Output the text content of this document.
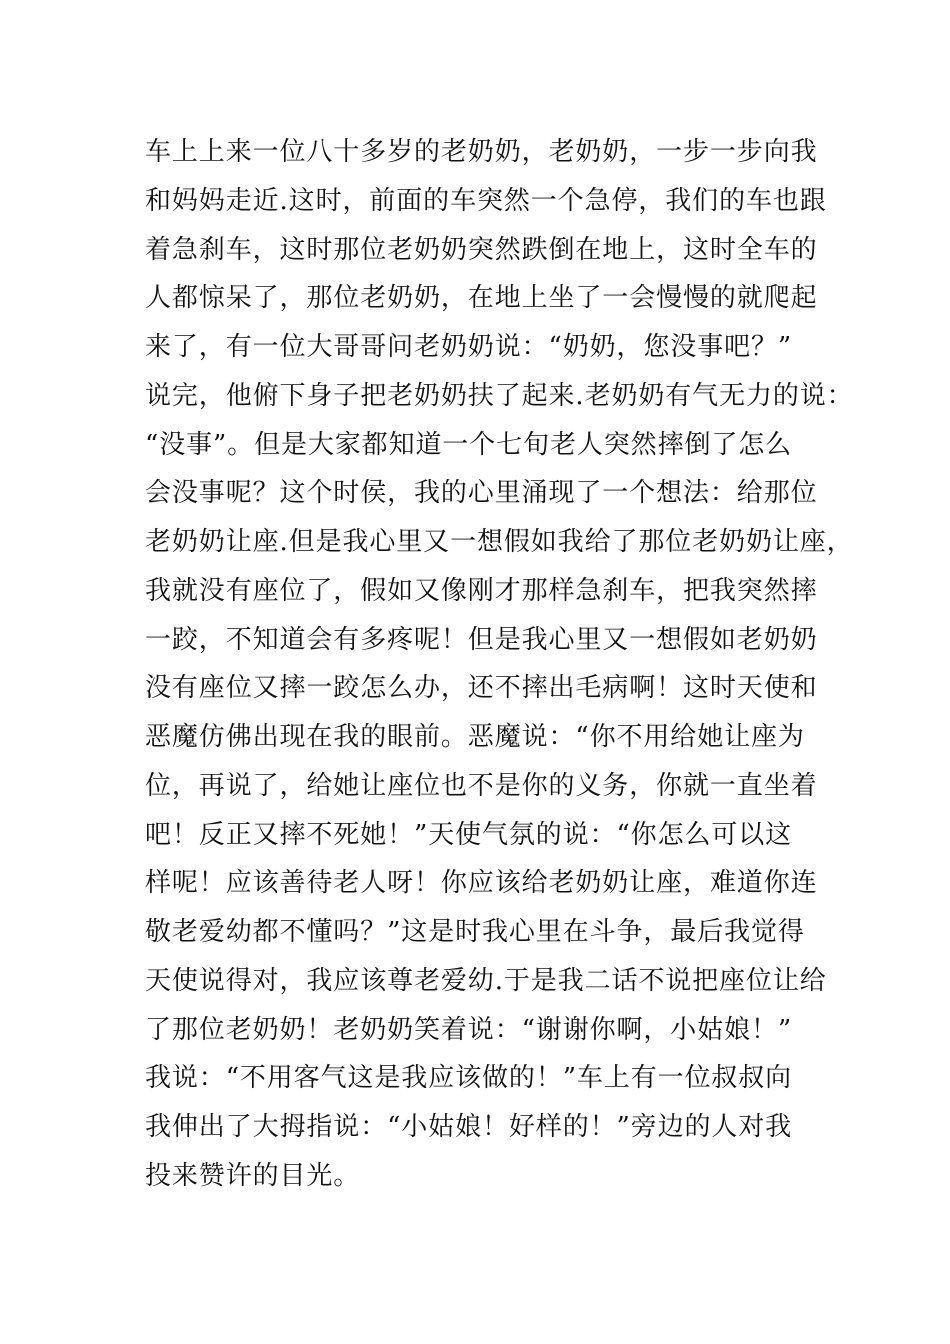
车上上来一位八十多岁的老奶奶，老奶奶，一步一步向我
和妈妈走近.这时，前面的车突然一个急停，我们的车也跟
着急刹车，这时那位老奶奶突然跌倒在地上，这时全车的
人都惊呆了，那位老奶奶，在地上坐了一会慢慢的就爬起
来了，有一位大哥哥问老奶奶说：“奶奶，您没事吧？”
说完，他俯下身子把老奶奶扶了起来.老奶奶有气无力的说：
“没事”。但是大家都知道一个七旬老人突然摔倒了怎么
会没事呢？这个时侯，我的心里涌现了一个想法：给那位
老奶奶让座.但是我心里又一想假如我给了那位老奶奶让座，
我就没有座位了，假如又像刚才那样急刹车，把我突然摔
一跤，不知道会有多疼呢！但是我心里又一想假如老奶奶
没有座位又摔一跤怎么办，还不摔出毛病啊！这时天使和
恶魔仿佛出现在我的眼前。恶魔说：“你不用给她让座为
位，再说了，给她让座位也不是你的义务，你就一直坐着
吧！反正又摔不死她！”天使气氛的说：“你怎么可以这
样呢！应该善待老人呀！你应该给老奶奶让座，难道你连
敬老爱幼都不懂吗？”这是时我心里在斗争，最后我觉得
天使说得对，我应该尊老爱幼.于是我二话不说把座位让给
了那位老奶奶！老奶奶笑着说：“谢谢你啊，小姑娘！”
我说：“不用客气这是我应该做的！”车上有一位叔叔向
我伸出了大拇指说：“小姑娘！好样的！”旁边的人对我
投来赞许的目光。
